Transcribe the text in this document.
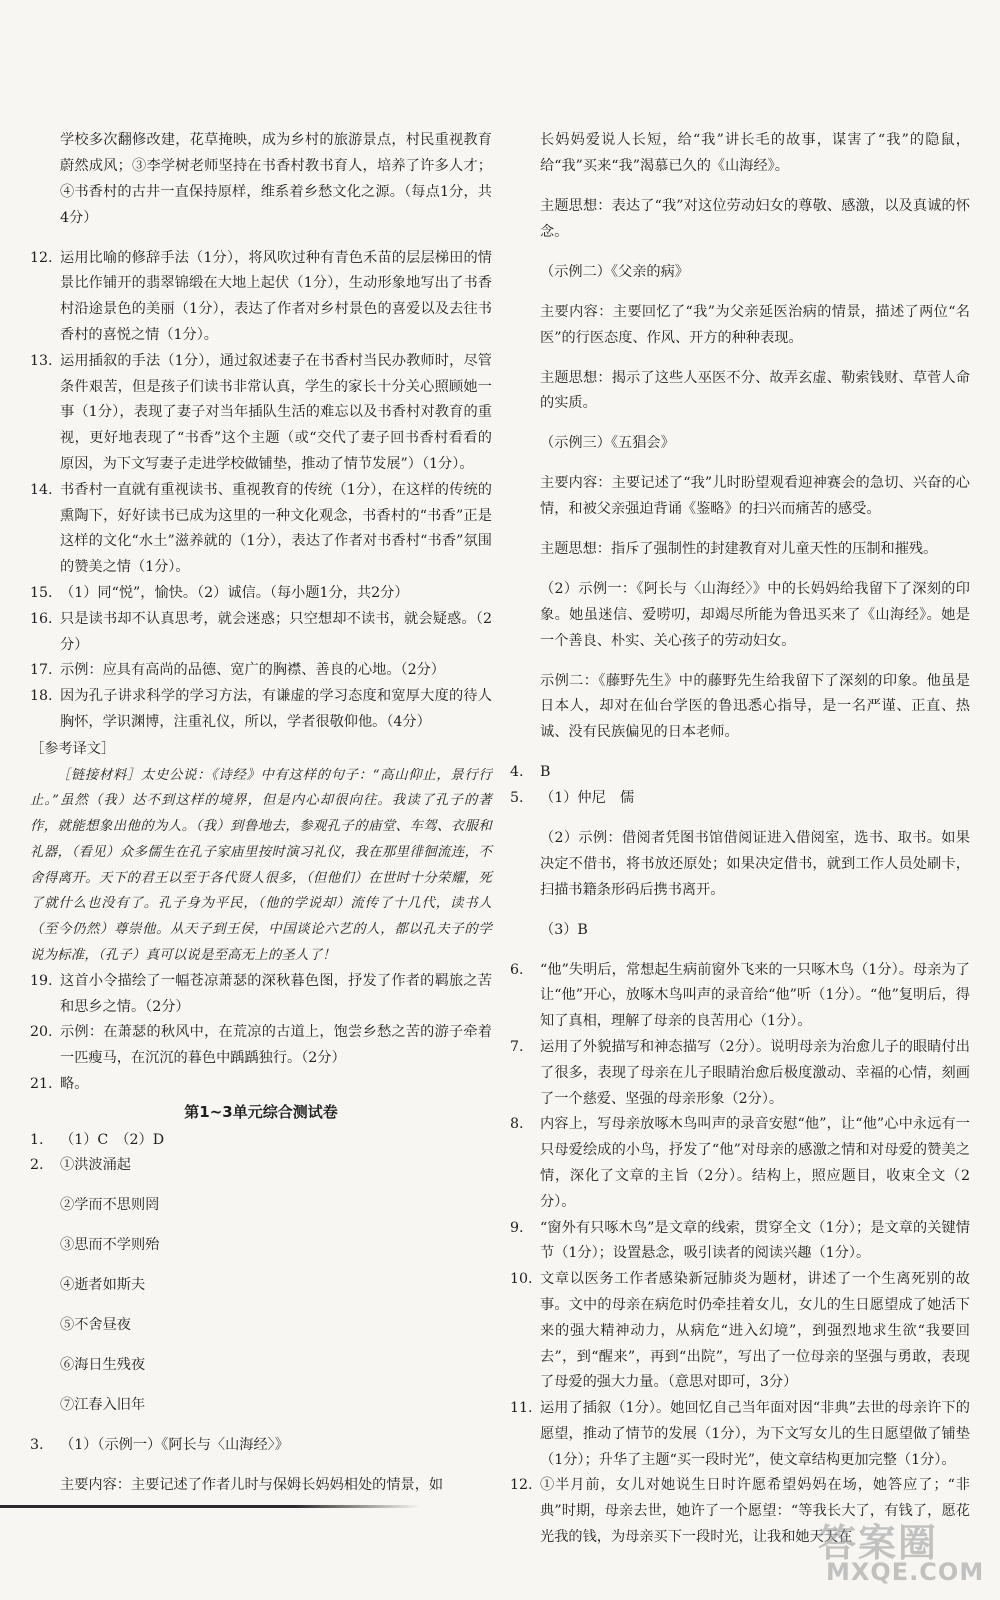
学校多次翻修改建，花草掩映，成为乡村的旅游景点，村民重视教育蔚然成风；③李学树老师坚持在书香村教书育人，培养了许多人才；④书香村的古井一直保持原样，维系着乡愁文化之源。（每点1分，共4分）

12. 运用比喻的修辞手法（1分），将风吹过种有青色禾苗的层层梯田的情景比作铺开的翡翠锦缎在大地上起伏（1分），生动形象地写出了书香村沿途景色的美丽（1分），表达了作者对乡村景色的喜爱以及去往书香村的喜悦之情（1分）。
13. 运用插叙的手法（1分），通过叙述妻子在书香村当民办教师时，尽管条件艰苦，但是孩子们读书非常认真，学生的家长十分关心照顾她一事（1分），表现了妻子对当年插队生活的难忘以及书香村对教育的重视，更好地表现了“书香”这个主题（或“交代了妻子回书香村看看的原因，为下文写妻子走进学校做铺垫，推动了情节发展”）（1分）。
14. 书香村一直就有重视读书、重视教育的传统（1分），在这样的传统的熏陶下，好好读书已成为这里的一种文化观念，书香村的“书香”正是这样的文化“水土”滋养就的（1分），表达了作者对书香村“书香”氛围的赞美之情（1分）。
15. （1）同“悦”，愉快。（2）诚信。（每小题1分，共2分）
16. 只是读书却不认真思考，就会迷惑；只空想却不读书，就会疑惑。（2分）
17. 示例：应具有高尚的品德、宽广的胸襟、善良的心地。（2分）
18. 因为孔子讲求科学的学习方法，有谦虚的学习态度和宽厚大度的待人胸怀，学识渊博，注重礼仪，所以，学者很敬仰他。（4分）

［参考译文］

［链接材料］太史公说：《诗经》中有这样的句子：“高山仰止，景行行止。”虽然（我）达不到这样的境界，但是内心却很向往。我读了孔子的著作，就能想象出他的为人。（我）到鲁地去，参观孔子的庙堂、车驾、衣服和礼器，（看见）众多儒生在孔子家庙里按时演习礼仪，我在那里徘徊流连，不舍得离开。天下的君王以至于各代贤人很多，（但他们）在世时十分荣耀，死了就什么也没有了。孔子身为平民，（他的学说却）流传了十几代，读书人（至今仍然）尊崇他。从天子到王侯，中国谈论六艺的人，都以孔夫子的学说为标准，（孔子）真可以说是至高无上的圣人了！

19. 这首小令描绘了一幅苍凉萧瑟的深秋暮色图，抒发了作者的羁旅之苦和思乡之情。（2分）
20. 示例：在萧瑟的秋风中，在荒凉的古道上，饱尝乡愁之苦的游子牵着一匹瘦马，在沉沉的暮色中踽踽独行。（2分）
21. 略。
第1~3单元综合测试卷
1.	（1）C　（2）D
2.	①洪波涌起

②学而不思则罔

③思而不学则殆

④逝者如斯夫

⑤不舍昼夜

⑥海日生残夜

⑦江春入旧年

3.	（1）（示例一）《阿长与〈山海经〉》

主要内容：主要记述了作者儿时与保姆长妈妈相处的情景，如

长妈妈爱说人长短，给“我”讲长毛的故事，谋害了“我”的隐鼠，给“我”买来“我”渴慕已久的《山海经》。

主题思想：表达了“我”对这位劳动妇女的尊敬、感激，以及真诚的怀念。

（示例二）《父亲的病》

主要内容：主要回忆了“我”为父亲延医治病的情景，描述了两位“名医”的行医态度、作风、开方的种种表现。

主题思想：揭示了这些人巫医不分、故弄玄虚、勒索钱财、草菅人命的实质。

（示例三）《五猖会》

主要内容：主要记述了“我”儿时盼望观看迎神赛会的急切、兴奋的心情，和被父亲强迫背诵《鉴略》的扫兴而痛苦的感受。

主题思想：指斥了强制性的封建教育对儿童天性的压制和摧残。

（2）示例一：《阿长与〈山海经〉》中的长妈妈给我留下了深刻的印象。她虽迷信、爱唠叨，却竭尽所能为鲁迅买来了《山海经》。她是一个善良、朴实、关心孩子的劳动妇女。

示例二：《藤野先生》中的藤野先生给我留下了深刻的印象。他虽是日本人，却对在仙台学医的鲁迅悉心指导，是一名严谨、正直、热诚、没有民族偏见的日本老师。

4.	B
5.	（1）仲尼　儒

（2）示例：借阅者凭图书馆借阅证进入借阅室，选书、取书。如果决定不借书，将书放还原处；如果决定借书，就到工作人员处刷卡，扫描书籍条形码后携书离开。

（3）B

6.	“他”失明后，常想起生病前窗外飞来的一只啄木鸟（1分）。母亲为了让“他”开心，放啄木鸟叫声的录音给“他”听（1分）。“他”复明后，得知了真相，理解了母亲的良苦用心（1分）。
7.	运用了外貌描写和神态描写（2分）。说明母亲为治愈儿子的眼睛付出了很多，表现了母亲在儿子眼睛治愈后极度激动、幸福的心情，刻画了一个慈爱、坚强的母亲形象（2分）。
8.	内容上，写母亲放啄木鸟叫声的录音安慰“他”，让“他”心中永远有一只母爱绘成的小鸟，抒发了“他”对母亲的感激之情和对母爱的赞美之情，深化了文章的主旨（2分）。结构上，照应题目，收束全文（2分）。
9.	“窗外有只啄木鸟”是文章的线索，贯穿全文（1分）；是文章的关键情节（1分）；设置悬念，吸引读者的阅读兴趣（1分）。
10. 文章以医务工作者感染新冠肺炎为题材，讲述了一个生离死别的故事。文中的母亲在病危时仍牵挂着女儿，女儿的生日愿望成了她活下来的强大精神动力，从病危“进入幻境”，到强烈地求生欲“我要回去”，到“醒来”，再到“出院”，写出了一位母亲的坚强与勇敢，表现了母爱的强大力量。（意思对即可，3分）
11. 运用了插叙（1分）。她回忆自己当年面对因“非典”去世的母亲许下的愿望，推动了情节的发展（1分），为下文写女儿的生日愿望做了铺垫（1分）；升华了主题“买一段时光”，使文章结构更加完整（1分）。
12. ①半月前，女儿对她说生日时许愿希望妈妈在场，她答应了；“非典”时期，母亲去世，她许了一个愿望：“等我长大了，有钱了，愿花光我的钱，为母亲买下一段时光，让我和她天天在
答案圈
MXQE.COM
